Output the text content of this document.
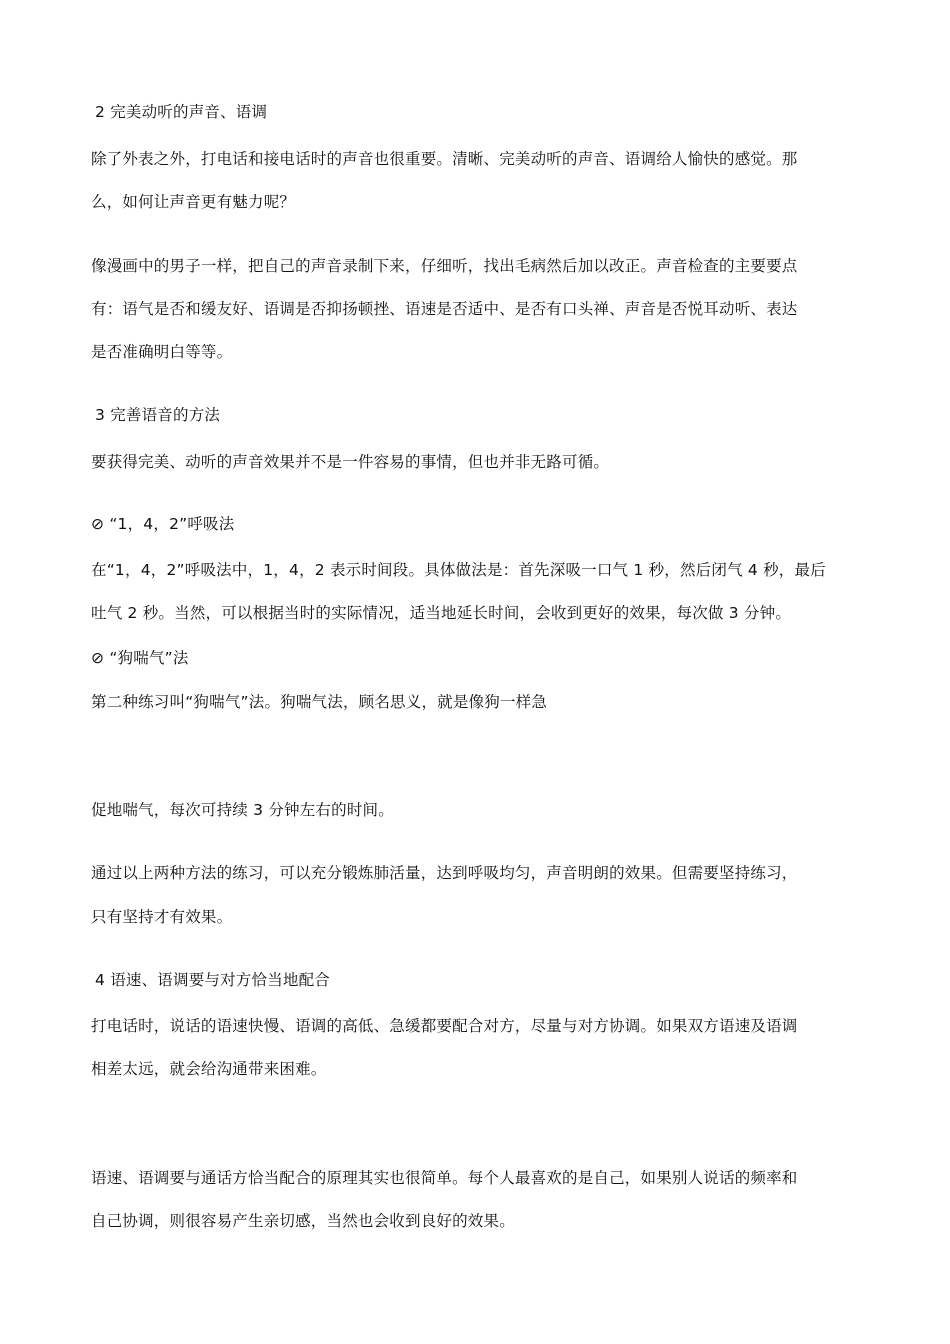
2 完美动听的声音、语调
除了外表之外，打电话和接电话时的声音也很重要。清晰、完美动听的声音、语调给人愉快的感觉。那
么，如何让声音更有魅力呢？
像漫画中的男子一样，把自己的声音录制下来，仔细听，找出毛病然后加以改正。声音检查的主要要点
有：语气是否和缓友好、语调是否抑扬顿挫、语速是否适中、是否有口头禅、声音是否悦耳动听、表达
是否准确明白等等。
3 完善语音的方法
要获得完美、动听的声音效果并不是一件容易的事情，但也并非无路可循。
⊘ “1，4，2”呼吸法
在“1，4，2”呼吸法中，1，4，2 表示时间段。具体做法是：首先深吸一口气 1 秒，然后闭气 4 秒，最后
吐气 2 秒。当然，可以根据当时的实际情况，适当地延长时间，会收到更好的效果，每次做 3 分钟。
⊘ “狗喘气”法
第二种练习叫“狗喘气”法。狗喘气法，顾名思义，就是像狗一样急
促地喘气，每次可持续 3 分钟左右的时间。
通过以上两种方法的练习，可以充分锻炼肺活量，达到呼吸均匀，声音明朗的效果。但需要坚持练习，
只有坚持才有效果。
4 语速、语调要与对方恰当地配合
打电话时，说话的语速快慢、语调的高低、急缓都要配合对方，尽量与对方协调。如果双方语速及语调
相差太远，就会给沟通带来困难。
语速、语调要与通话方恰当配合的原理其实也很简单。每个人最喜欢的是自己，如果别人说话的频率和
自己协调，则很容易产生亲切感，当然也会收到良好的效果。
